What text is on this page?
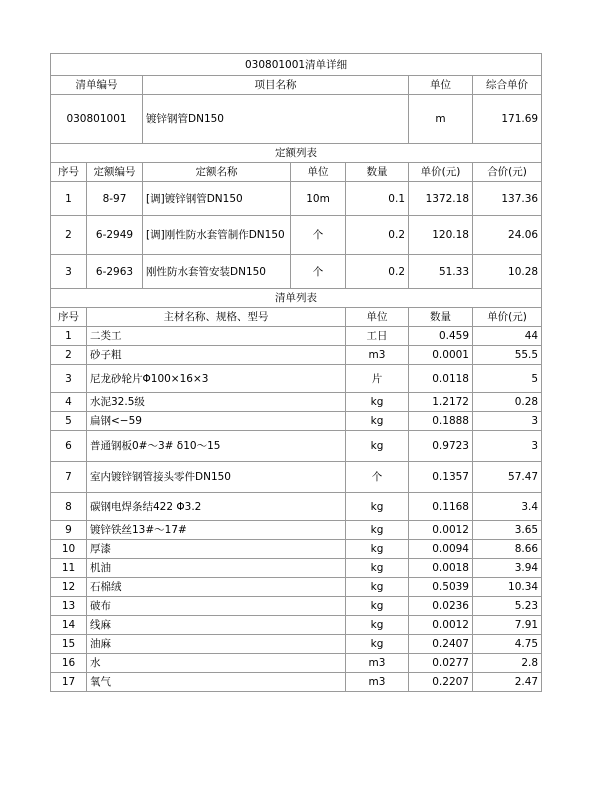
030801001清单详细							
清单编号		项目名称			单位	综合单价	
030801001		镀锌钢管DN150			m	171.69	
定额列表							
序号	定额编号	定额名称	单位	数量	单价(元)	合价(元)	
1	8-97	[调]镀锌钢管DN150	10m	0.1	1372.18	137.36	
2	6-2949	[调]刚性防水套管制作DN150	个	0.2	120.18	24.06	
3	6-2963	刚性防水套管安装DN150	个	0.2	51.33	10.28	
清单列表							
序号	主材名称、规格、型号			单位	数量	单价(元)	
1	二类工			工日	0.459	44	
2	砂子粗			m3	0.0001	55.5	
3	尼龙砂轮片Φ100×16×3			片	0.0118	5	
4	水泥32.5级			kg	1.2172	0.28	
5	扁钢<−59			kg	0.1888	3	
6	普通钢板0#～3# δ10～15			kg	0.9723	3	
7	室内镀锌钢管接头零件DN150			个	0.1357	57.47	
8	碳钢电焊条结422 Φ3.2			kg	0.1168	3.4	
9	镀锌铁丝13#～17#			kg	0.0012	3.65	
10	厚漆			kg	0.0094	8.66	
11	机油			kg	0.0018	3.94	
12	石棉绒			kg	0.5039	10.34	
13	破布			kg	0.0236	5.23	
14	线麻			kg	0.0012	7.91	
15	油麻			kg	0.2407	4.75	
16	水			m3	0.0277	2.8	
17	氧气			m3	0.2207	2.47	
